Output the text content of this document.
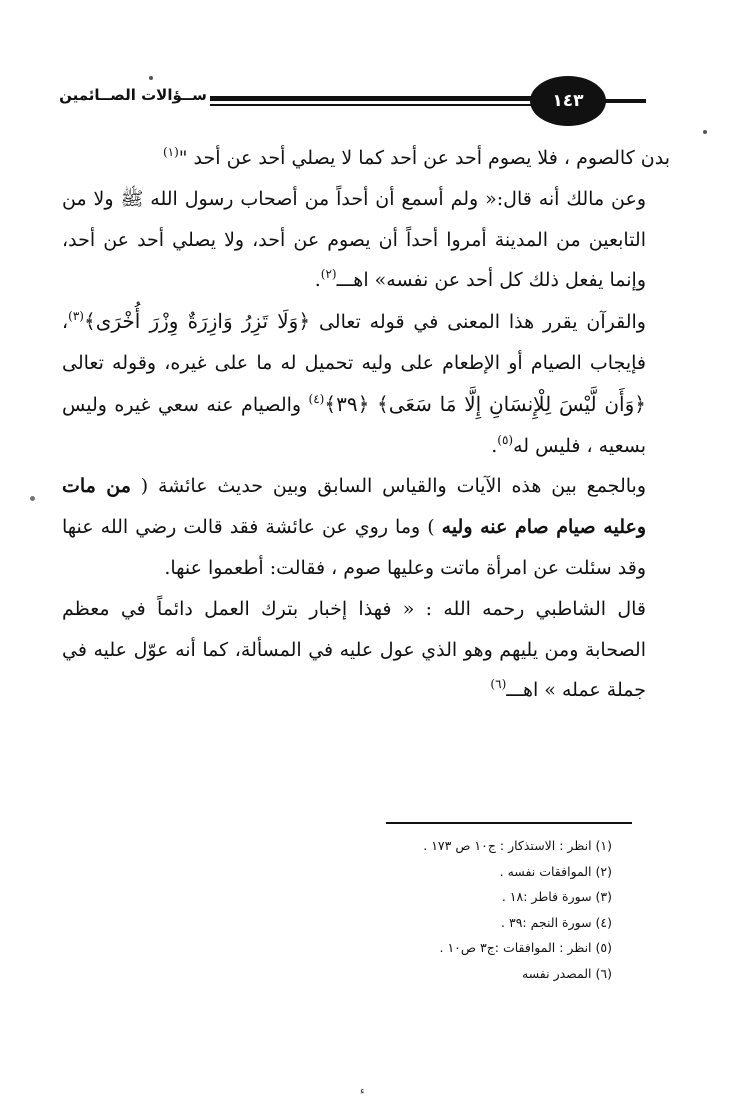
ســؤالات الصــائمين	١٤٣

بدن كالصوم ، فلا يصوم أحد عن أحد كما لا يصلي أحد عن أحد "$^{(١)}$

وعن مالك أنه قال:« ولم أسمع أن أحداً من أصحاب رسول الله ﷺ ولا من التابعين من المدينة أمروا أحداً أن يصوم عن أحد، ولا يصلي أحد عن أحد، وإنما يفعل ذلك كل أحد عن نفسه» اهـــ$^{(٢)}$.

والقرآن يقرر هذا المعنى في قوله تعالى ﴿وَلَا تَزِرُ وَازِرَةٌ وِزْرَ أُخْرَى﴾$^{(٣)}$، فإيجاب الصيام أو الإطعام على وليه تحميل له ما على غيره، وقوله تعالى ﴿وَأَن لَّيْسَ لِلْإِنسَانِ إِلَّا مَا سَعَى﴾ ﴿٣٩﴾$^{(٤)}$ والصيام عنه سعي غيره وليس بسعيه ، فليس له$^{(٥)}$.

وبالجمع بين هذه الآيات والقياس السابق وبين حديث عائشة ( من مات وعليه صيام صام عنه وليه ) وما روي عن عائشة فقد قالت رضي الله عنها وقد سئلت عن امرأة ماتت وعليها صوم ، فقالت: أطعموا عنها.

قال الشاطبي رحمه الله : « فهذا إخبار بترك العمل دائماً في معظم الصحابة ومن يليهم وهو الذي عول عليه في المسألة، كما أنه عوّل عليه في جملة عمله » اهـــ$^{(٦)}$

(١) انظر : الاستذكار : ج١٠ ص ١٧٣ .
(٢) الموافقات نفسه .
(٣) سورة فاطر :١٨ .
(٤) سورة النجم :٣٩ .
(٥) انظر : الموافقات :ج٣ ص١٠ .
(٦) المصدر نفسه
ء
